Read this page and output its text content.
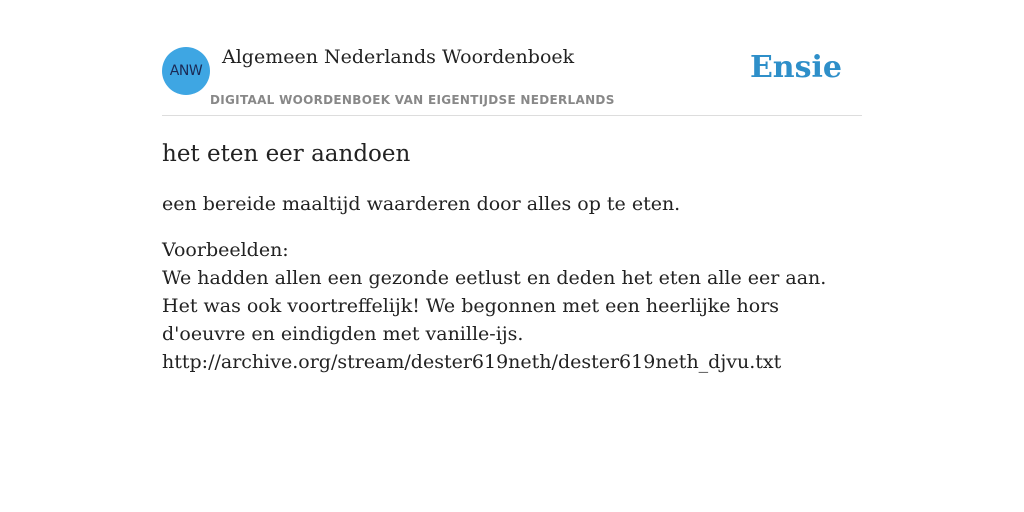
ANW
Algemeen Nederlands Woordenboek
DIGITAAL WOORDENBOEK VAN EIGENTIJDSE NEDERLANDS
Ensie
het eten eer aandoen

een bereide maaltijd waarderen door alles op te eten.

Voorbeelden:
We hadden allen een gezonde eetlust en deden het eten alle eer aan. Het was ook voortreffelijk! We begonnen met een heerlijke hors d'oeuvre en eindigden met vanille-ijs.
http://archive.org/stream/dester619neth/dester619neth_djvu.txt
